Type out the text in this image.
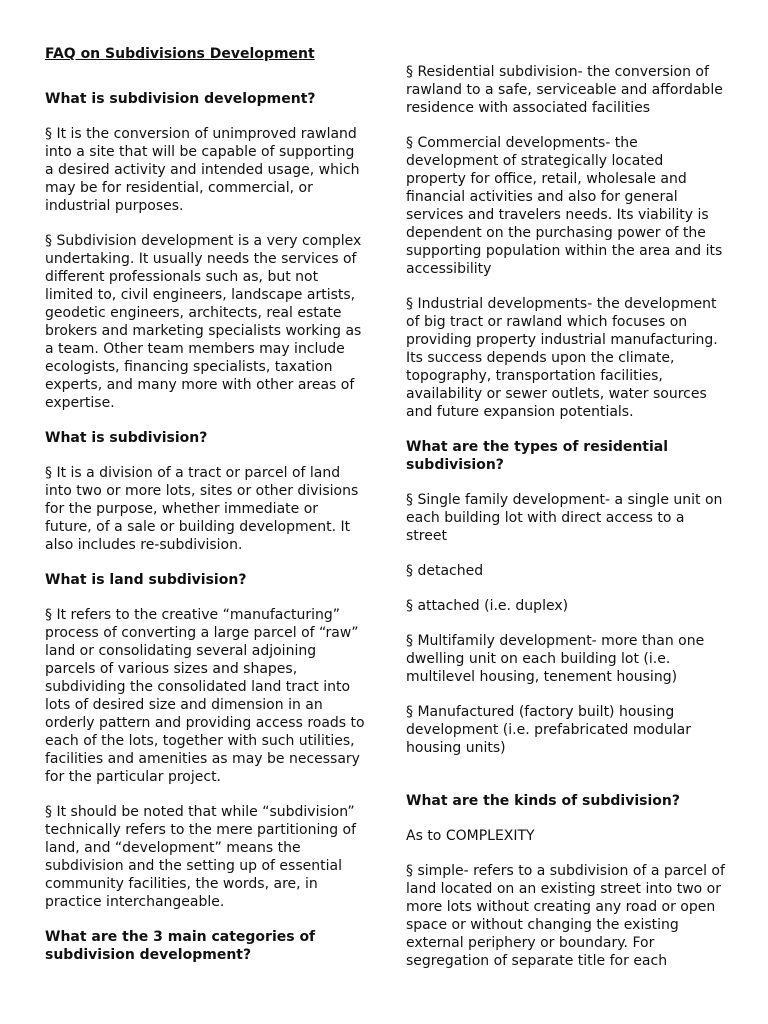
FAQ on Subdivisions Development

What is subdivision development?

§ It is the conversion of unimproved rawland into a site that will be capable of supporting a desired activity and intended usage, which may be for residential, commercial, or industrial purposes.

§ Subdivision development is a very complex undertaking. It usually needs the services of different professionals such as, but not limited to, civil engineers, landscape artists, geodetic engineers, architects, real estate brokers and marketing specialists working as a team. Other team members may include ecologists, financing specialists, taxation experts, and many more with other areas of expertise.

What is subdivision?

§ It is a division of a tract or parcel of land into two or more lots, sites or other divisions for the purpose, whether immediate or future, of a sale or building development. It also includes re-subdivision.

What is land subdivision?

§ It refers to the creative “manufacturing” process of converting a large parcel of “raw” land or consolidating several adjoining parcels of various sizes and shapes, subdividing the consolidated land tract into lots of desired size and dimension in an orderly pattern and providing access roads to each of the lots, together with such utilities, facilities and amenities as may be necessary for the particular project.

§ It should be noted that while “subdivision” technically refers to the mere partitioning of land, and “development” means the subdivision and the setting up of essential community facilities, the words, are, in practice interchangeable.

What are the 3 main categories of subdivision development?

§ Residential subdivision- the conversion of rawland to a safe, serviceable and affordable residence with associated facilities

§ Commercial developments- the development of strategically located property for office, retail, wholesale and financial activities and also for general services and travelers needs. Its viability is dependent on the purchasing power of the supporting population within the area and its accessibility

§ Industrial developments- the development of big tract or rawland which focuses on providing property industrial manufacturing. Its success depends upon the climate, topography, transportation facilities, availability or sewer outlets, water sources and future expansion potentials.

What are the types of residential subdivision?

§ Single family development- a single unit on each building lot with direct access to a street

§ detached

§ attached (i.e. duplex)

§ Multifamily development- more than one dwelling unit on each building lot (i.e. multilevel housing, tenement housing)

§ Manufactured (factory built) housing development (i.e. prefabricated modular housing units)

What are the kinds of subdivision?

As to COMPLEXITY

§ simple- refers to a subdivision of a parcel of land located on an existing street into two or more lots without creating any road or open space or without changing the existing external periphery or boundary. For segregation of separate title for each
